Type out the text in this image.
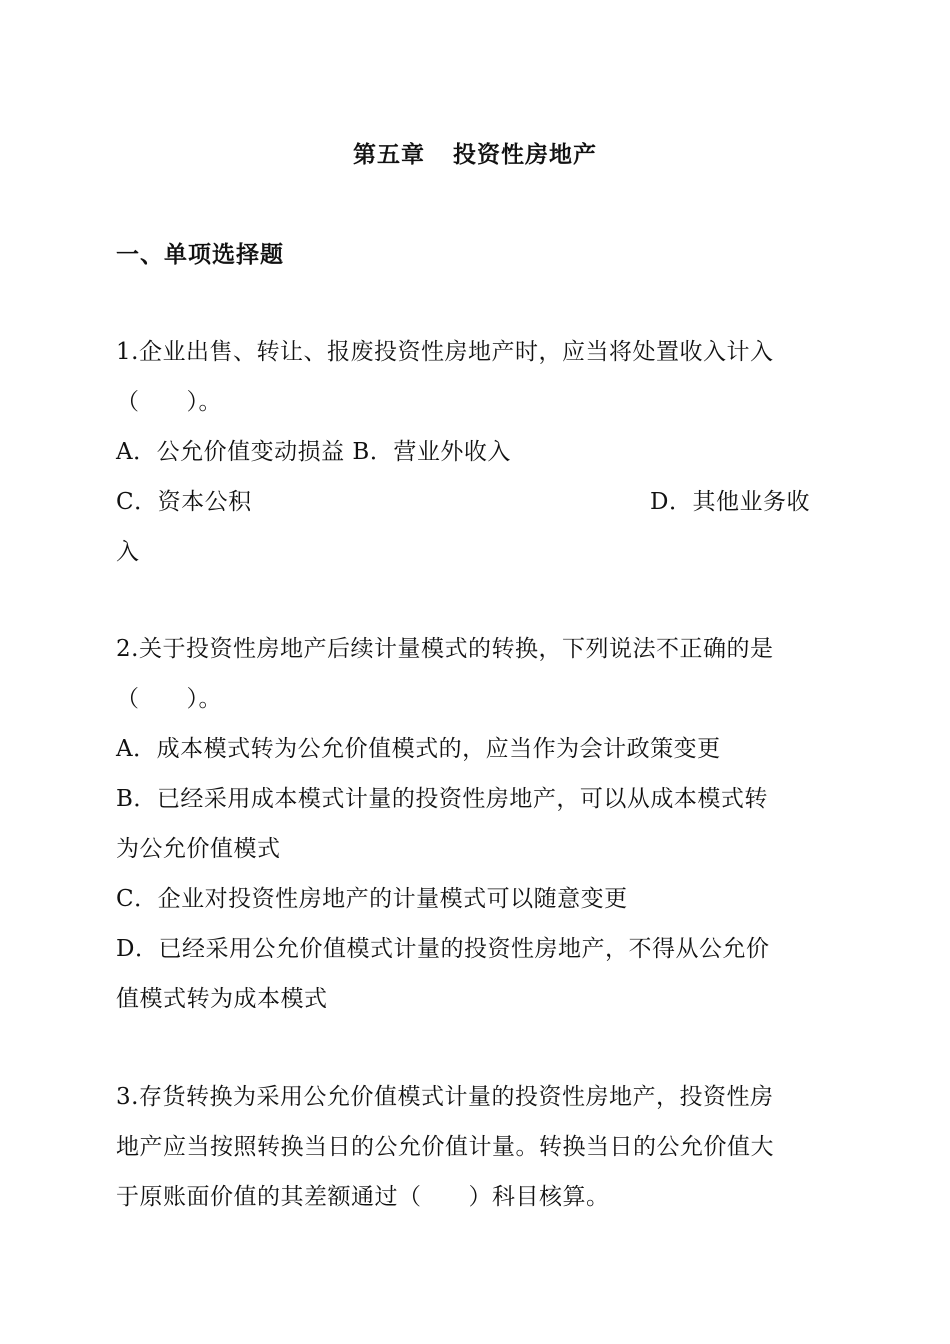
第五章 投资性房地产
一、单项选择题
1.企业出售、转让、报废投资性房地产时，应当将处置收入计入
（　　）。
A．公允价值变动损益 B．营业外收入
C．资本公积	D．其他业务收
入
2.关于投资性房地产后续计量模式的转换，下列说法不正确的是
（　　）。
A．成本模式转为公允价值模式的，应当作为会计政策变更
B．已经采用成本模式计量的投资性房地产，可以从成本模式转
为公允价值模式
C．企业对投资性房地产的计量模式可以随意变更
D．已经采用公允价值模式计量的投资性房地产，不得从公允价
值模式转为成本模式
3.存货转换为采用公允价值模式计量的投资性房地产，投资性房
地产应当按照转换当日的公允价值计量。转换当日的公允价值大
于原账面价值的其差额通过（　　）科目核算。
